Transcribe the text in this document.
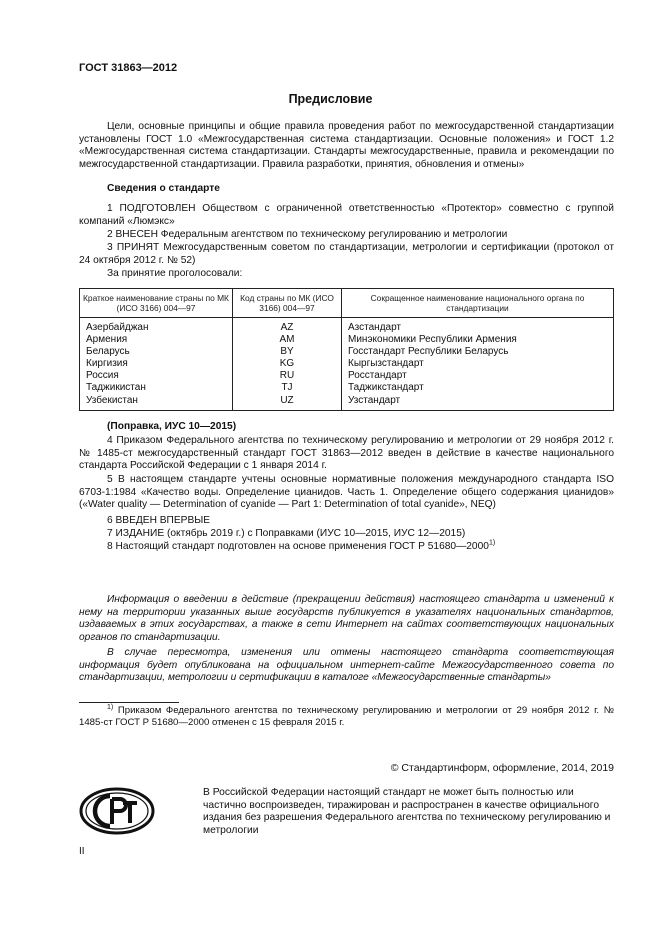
ГОСТ 31863—2012
Предисловие
Цели, основные принципы и общие правила проведения работ по межгосударственной стандартизации установлены ГОСТ 1.0 «Межгосударственная система стандартизации. Основные положения» и ГОСТ 1.2 «Межгосударственная система стандартизации. Стандарты межгосударственные, правила и рекомендации по межгосударственной стандартизации. Правила разработки, принятия, обновления и отмены»
Сведения о стандарте
1 ПОДГОТОВЛЕН Обществом с ограниченной ответственностью «Протектор» совместно с группой компаний «Люмэкс»
2 ВНЕСЕН Федеральным агентством по техническому регулированию и метрологии
3 ПРИНЯТ Межгосударственным советом по стандартизации, метрологии и сертификации (протокол от 24 октября 2012 г. № 52)
За принятие проголосовали:
Краткое наименование страны по МК (ИСО 3166) 004—97	Код страны по МК (ИСО 3166) 004—97	Сокращенное наименование национального органа по стандартизации
Азербайджан	AZ	Азстандарт
Армения	AM	Минэкономики Республики Армения
Беларусь	BY	Госстандарт Республики Беларусь
Киргизия	KG	Кыргызстандарт
Россия	RU	Росстандарт
Таджикистан	TJ	Таджикстандарт
Узбекистан	UZ	Узстандарт
(Поправка, ИУС 10—2015)
4 Приказом Федерального агентства по техническому регулированию и метрологии от 29 ноября 2012 г. № 1485-ст межгосударственный стандарт ГОСТ 31863—2012 введен в действие в качестве национального стандарта Российской Федерации с 1 января 2014 г.
5 В настоящем стандарте учтены основные нормативные положения международного стандарта ISO 6703-1:1984 «Качество воды. Определение цианидов. Часть 1. Определение общего содержания цианидов» («Water quality — Determination of cyanide — Part 1: Determination of total cyanide», NEQ)
6 ВВЕДЕН ВПЕРВЫЕ
7 ИЗДАНИЕ (октябрь 2019 г.) с Поправками (ИУС 10—2015, ИУС 12—2015)
8 Настоящий стандарт подготовлен на основе применения ГОСТ Р 51680—2000$^{1)}$
Информация о введении в действие (прекращении действия) настоящего стандарта и изменений к нему на территории указанных выше государств публикуется в указателях национальных стандартов, издаваемых в этих государствах, а также в сети Интернет на сайтах соответствующих национальных органов по стандартизации.
В случае пересмотра, изменения или отмены настоящего стандарта соответствующая информация будет опубликована на официальном интернет-сайте Межгосударственного совета по стандартизации, метрологии и сертификации в каталоге «Межгосударственные стандарты»
$^{1)}$ Приказом Федерального агентства по техническому регулированию и метрологии от 29 ноября 2012 г. № 1485-ст ГОСТ Р 51680—2000 отменен с 15 февраля 2015 г.
© Стандартинформ, оформление, 2014, 2019
В Российской Федерации настоящий стандарт не может быть полностью или частично воспроизведен, тиражирован и распространен в качестве официального издания без разрешения Федерального агентства по техническому регулированию и метрологии
II
